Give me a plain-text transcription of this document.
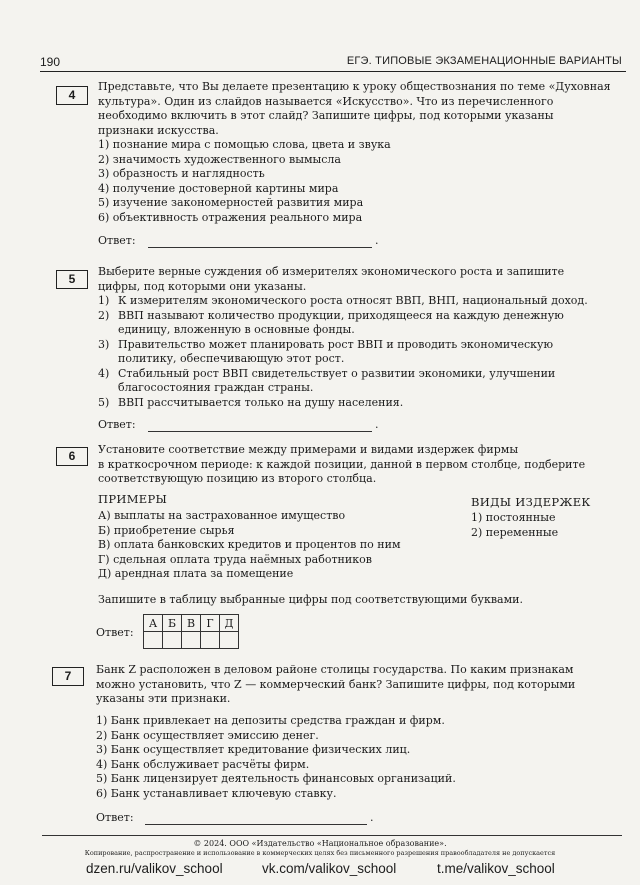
190	ЕГЭ. ТИПОВЫЕ ЭКЗАМЕНАЦИОННЫЕ ВАРИАНТЫ
4
Представьте, что Вы делаете презентацию к уроку обществознания по теме «Духовная
культура». Один из слайдов называется «Искусство». Что из перечисленного
необходимо включить в этот слайд? Запишите цифры, под которыми указаны
признаки искусства.
1) познание мира с помощью слова, цвета и звука
2) значимость художественного вымысла
3) образность и наглядность
4) получение достоверной картины мира
5) изучение закономерностей развития мира
6) объективность отражения реального мира
Ответ:	.
5
Выберите верные суждения об измерителях экономического роста и запишите
цифры, под которыми они указаны.
1) К измерителям экономического роста относят ВВП, ВНП, национальный доход.
2) ВВП называют количество продукции, приходящееся на каждую денежную
единицу, вложенную в основные фонды.
3) Правительство может планировать рост ВВП и проводить экономическую
политику, обеспечивающую этот рост.
4) Стабильный рост ВВП свидетельствует о развитии экономики, улучшении
благосостояния граждан страны.
5) ВВП рассчитывается только на душу населения.
Ответ:	.
6	Установите соответствие между примерами и видами издержек фирмы
в краткосрочном периоде: к каждой позиции, данной в первом столбце, подберите
соответствующую позицию из второго столбца.
ПРИМЕРЫ	ВИДЫ ИЗДЕРЖЕК
А) выплаты на застрахованное имущество
Б) приобретение сырья
В) оплата банковских кредитов и процентов по ним
Г) сдельная оплата труда наёмных работников
Д) арендная плата за помещение
1) постоянные
2) переменные
Запишите в таблицу выбранные цифры под соответствующими буквами.
Ответ:
А	Б	В	Г	Д

7	Банк Z расположен в деловом районе столицы государства. По каким признакам
можно установить, что Z — коммерческий банк? Запишите цифры, под которыми
указаны эти признаки.
1) Банк привлекает на депозиты средства граждан и фирм.
2) Банк осуществляет эмиссию денег.
3) Банк осуществляет кредитование физических лиц.
4) Банк обслуживает расчёты фирм.
5) Банк лицензирует деятельность финансовых организаций.
6) Банк устанавливает ключевую ставку.
Ответ:	.
© 2024. ООО «Издательство «Национальное образование».
Копирование, распространение и использование в коммерческих целях без письменного разрешения правообладателя не допускается
dzen.ru/valikov_school	vk.com/valikov_school	t.me/valikov_school
